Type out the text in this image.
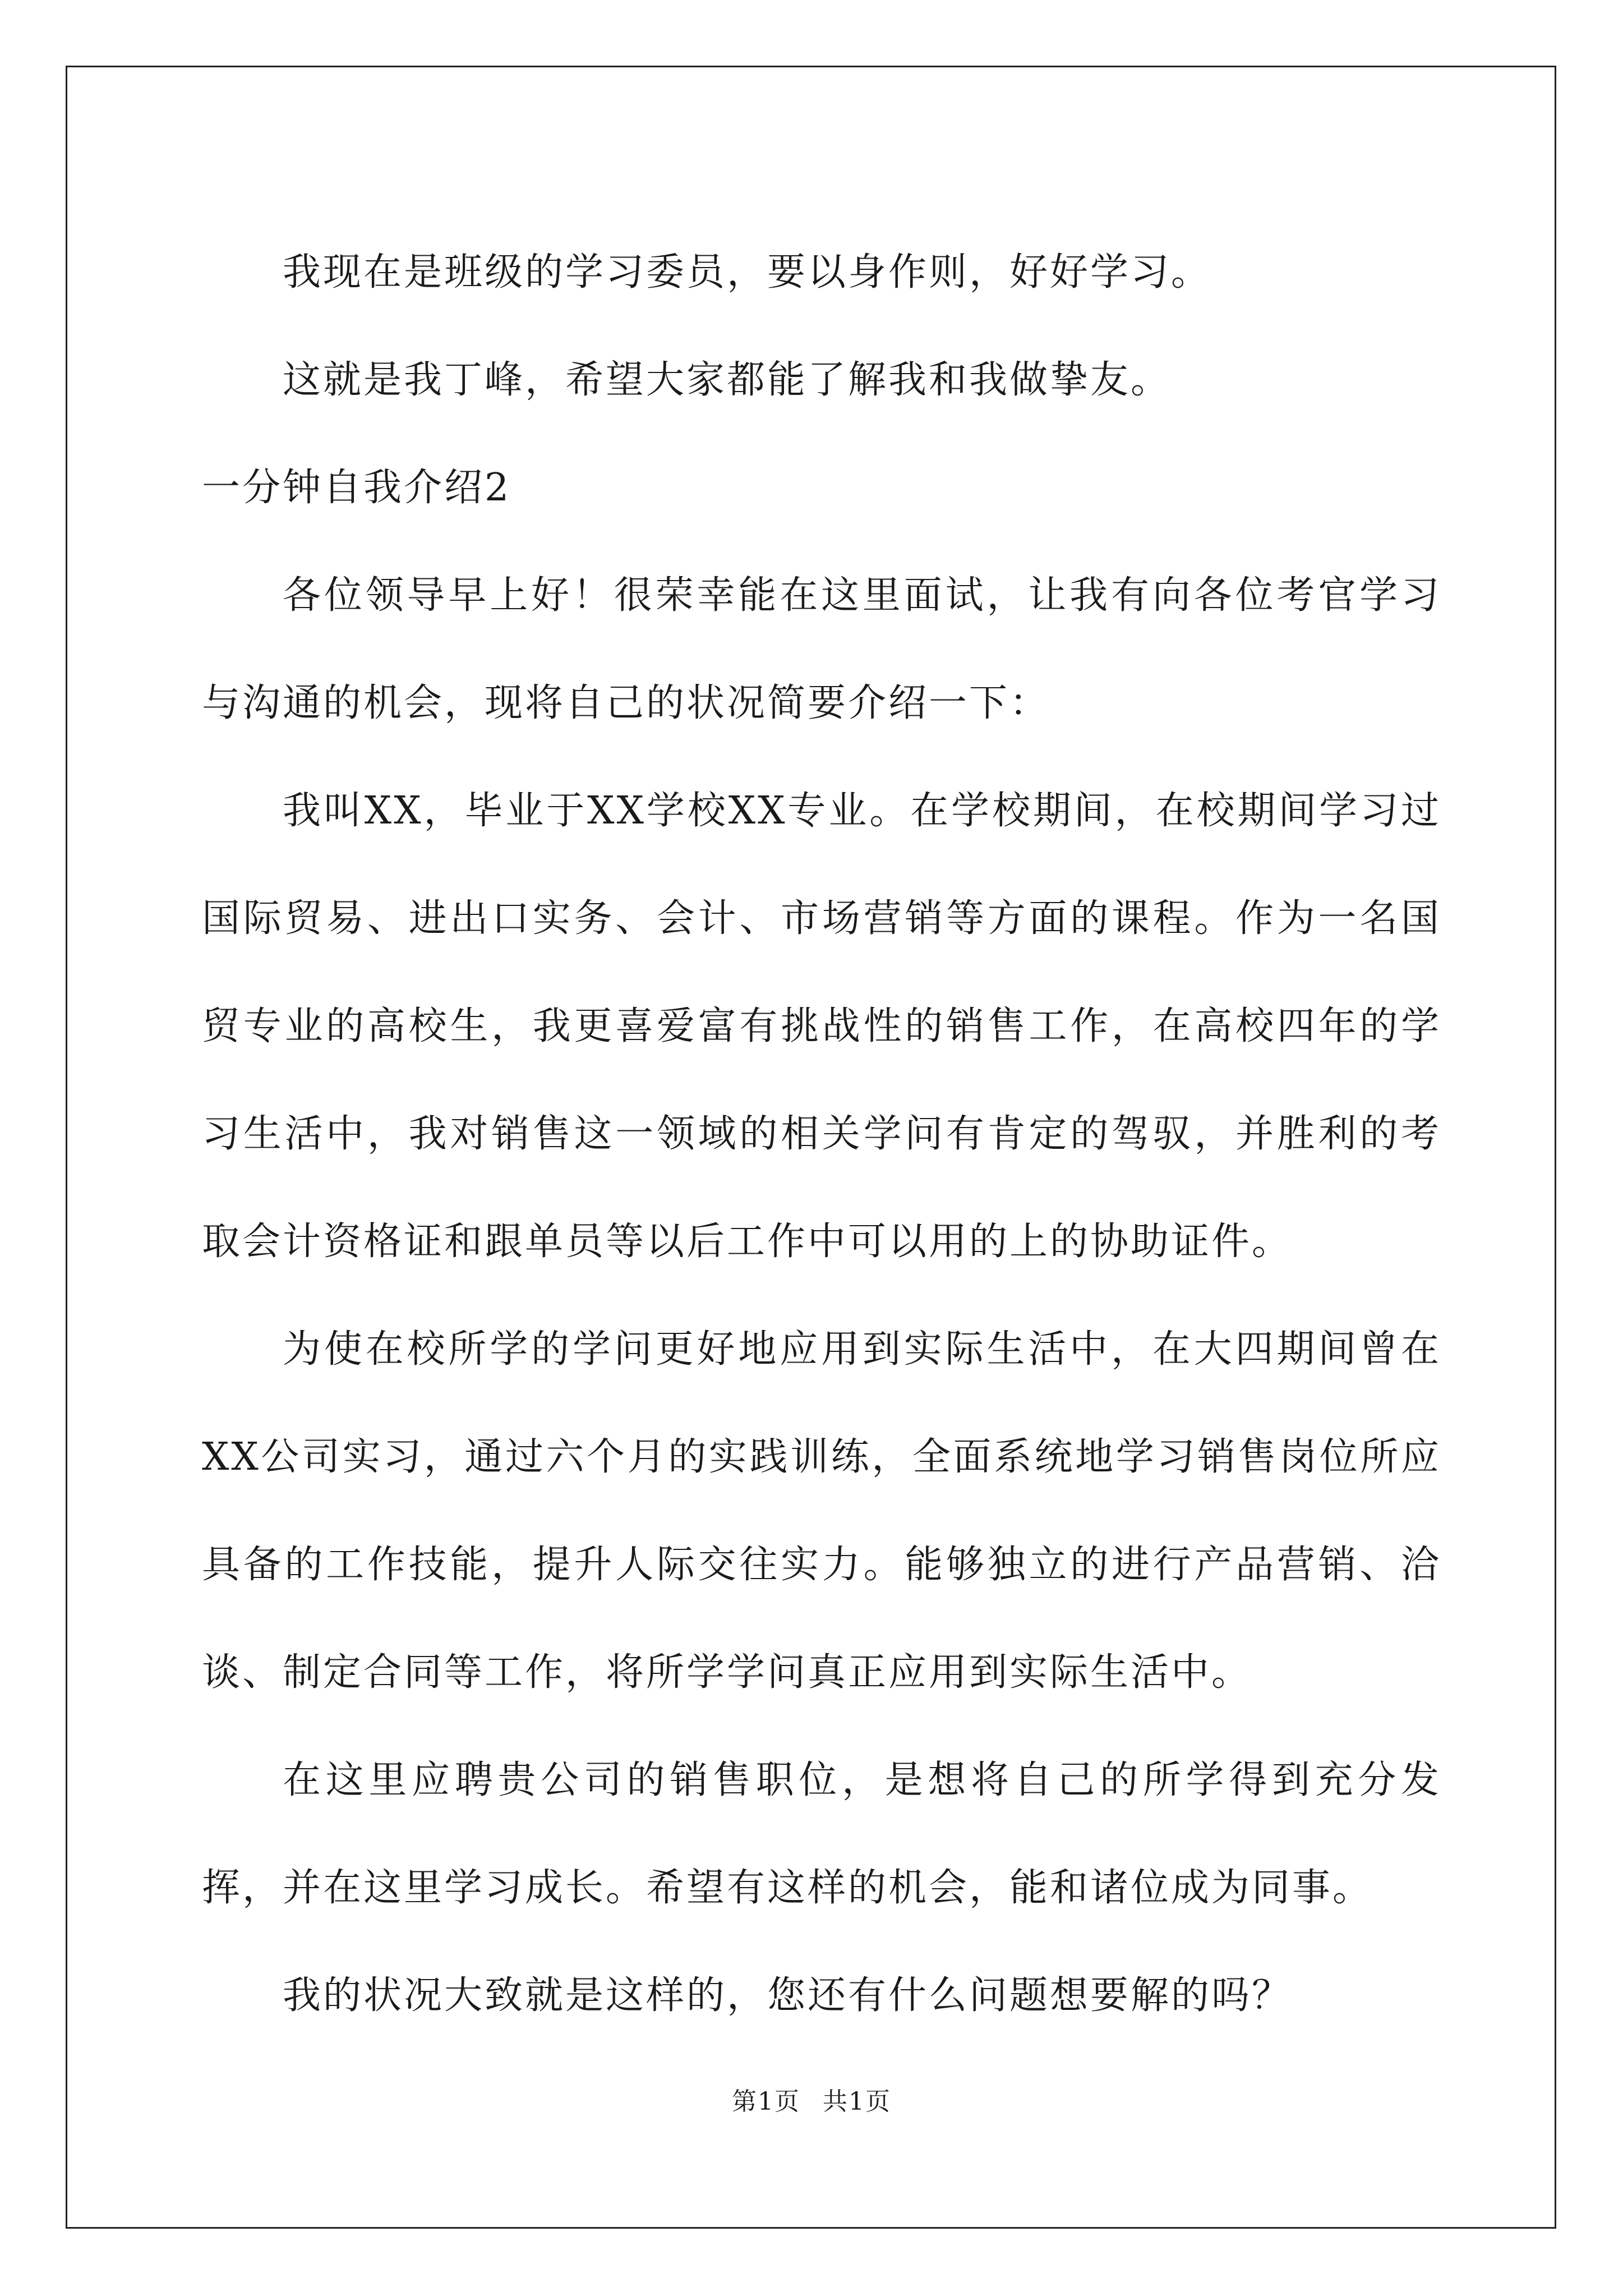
我现在是班级的学习委员，要以身作则，好好学习。

这就是我丁峰，希望大家都能了解我和我做挚友。

一分钟自我介绍2

各位领导早上好！很荣幸能在这里面试，让我有向各位考官学习与沟通的机会，现将自己的状况简要介绍一下：

我叫XX，毕业于XX学校XX专业。在学校期间，在校期间学习过国际贸易、进出口实务、会计、市场营销等方面的课程。作为一名国贸专业的高校生，我更喜爱富有挑战性的销售工作，在高校四年的学习生活中，我对销售这一领域的相关学问有肯定的驾驭，并胜利的考取会计资格证和跟单员等以后工作中可以用的上的协助证件。

为使在校所学的学问更好地应用到实际生活中，在大四期间曾在XX公司实习，通过六个月的实践训练，全面系统地学习销售岗位所应具备的工作技能，提升人际交往实力。能够独立的进行产品营销、洽谈、制定合同等工作，将所学学问真正应用到实际生活中。

在这里应聘贵公司的销售职位，是想将自己的所学得到充分发挥，并在这里学习成长。希望有这样的机会，能和诸位成为同事。

我的状况大致就是这样的，您还有什么问题想要解的吗？

第1页 共1页
